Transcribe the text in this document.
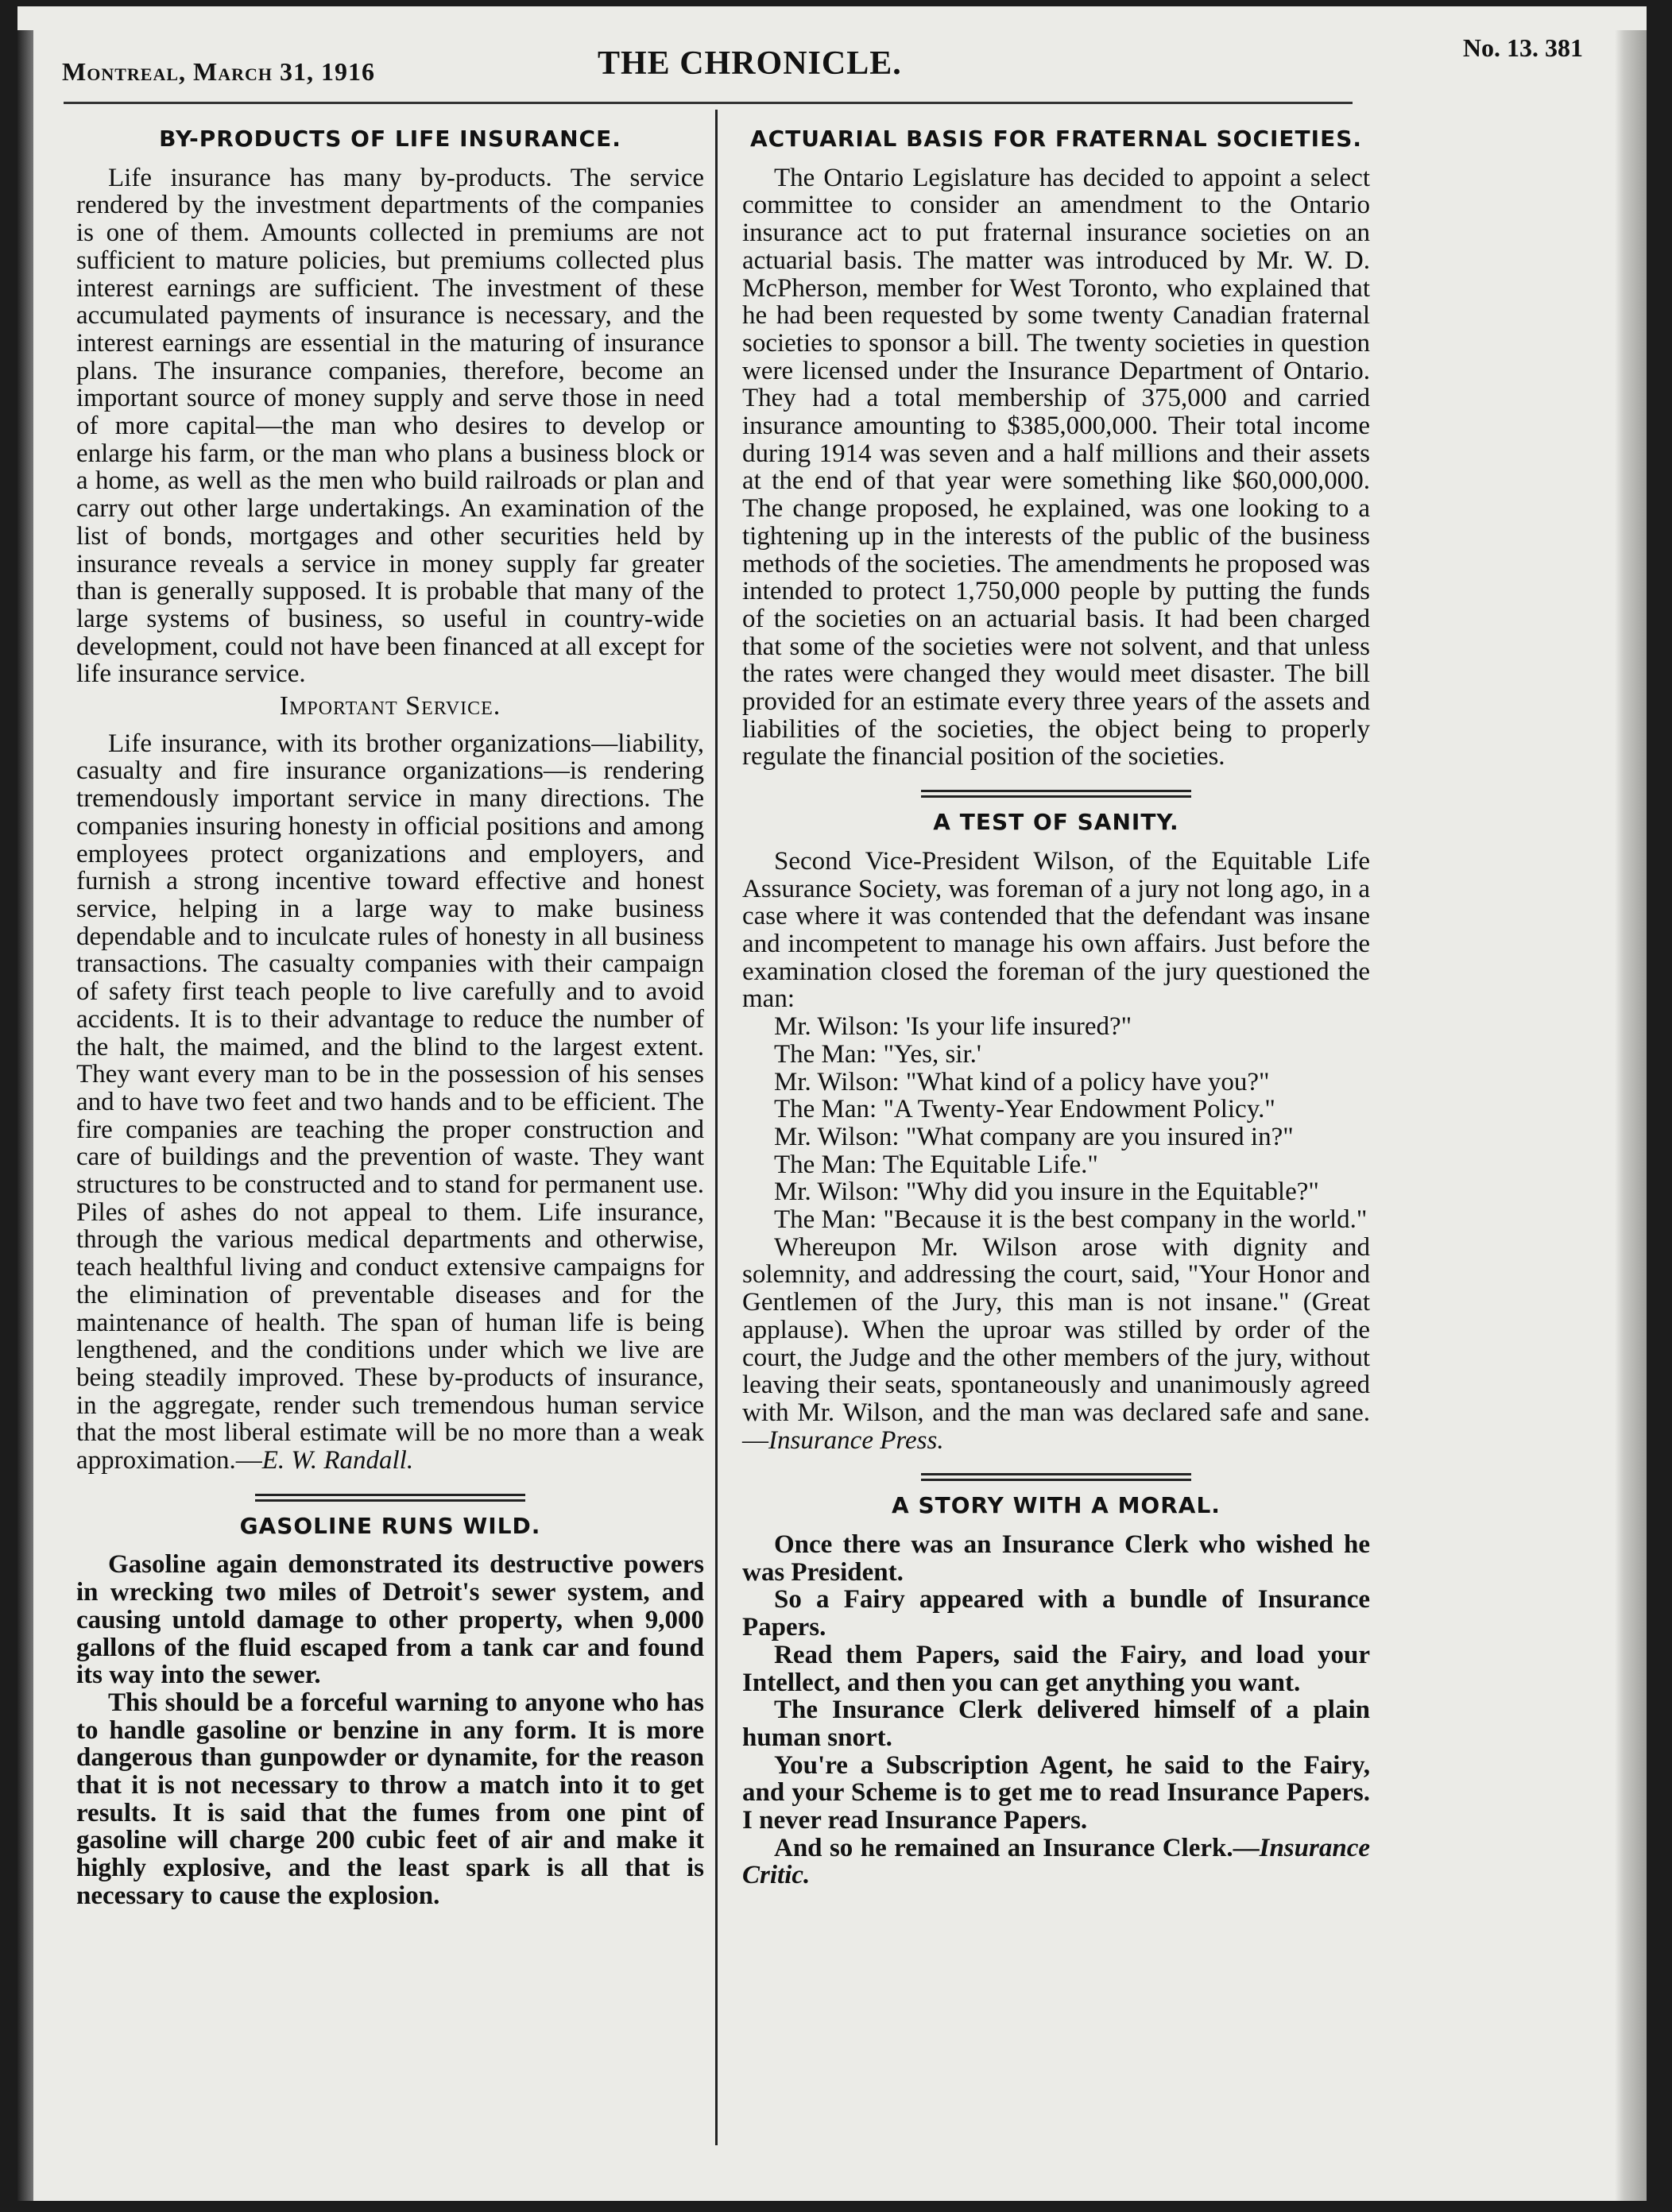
Montreal, March 31, 1916	THE CHRONICLE.	No. 13. 381
BY-PRODUCTS OF LIFE INSURANCE.

Life insurance has many by-products. The service rendered by the investment departments of the companies is one of them. Amounts collected in premiums are not sufficient to mature policies, but premiums collected plus interest earnings are sufficient. The investment of these accumulated payments of insurance is necessary, and the interest earnings are essential in the maturing of insurance plans. The insurance companies, therefore, become an important source of money supply and serve those in need of more capital—the man who desires to develop or enlarge his farm, or the man who plans a business block or a home, as well as the men who build railroads or plan and carry out other large undertakings. An examination of the list of bonds, mortgages and other securities held by insurance reveals a service in money supply far greater than is generally supposed. It is probable that many of the large systems of business, so useful in country-wide development, could not have been financed at all except for life insurance service.

Important Service.

Life insurance, with its brother organizations—liability, casualty and fire insurance organizations—is rendering tremendously important service in many directions. The companies insuring honesty in official positions and among employees protect organizations and employers, and furnish a strong incentive toward effective and honest service, helping in a large way to make business dependable and to inculcate rules of honesty in all business transactions. The casualty companies with their campaign of safety first teach people to live carefully and to avoid accidents. It is to their advantage to reduce the number of the halt, the maimed, and the blind to the largest extent. They want every man to be in the possession of his senses and to have two feet and two hands and to be efficient. The fire companies are teaching the proper construction and care of buildings and the prevention of waste. They want structures to be constructed and to stand for permanent use. Piles of ashes do not appeal to them. Life insurance, through the various medical departments and otherwise, teach healthful living and conduct extensive campaigns for the elimination of preventable diseases and for the maintenance of health. The span of human life is being lengthened, and the conditions under which we live are being steadily improved. These by-products of insurance, in the aggregate, render such tremendous human service that the most liberal estimate will be no more than a weak approximation.—E. W. Randall.

GASOLINE RUNS WILD.

Gasoline again demonstrated its destructive powers in wrecking two miles of Detroit's sewer system, and causing untold damage to other property, when 9,000 gallons of the fluid escaped from a tank car and found its way into the sewer.

This should be a forceful warning to anyone who has to handle gasoline or benzine in any form. It is more dangerous than gunpowder or dynamite, for the reason that it is not necessary to throw a match into it to get results. It is said that the fumes from one pint of gasoline will charge 200 cubic feet of air and make it highly explosive, and the least spark is all that is necessary to cause the explosion.

ACTUARIAL BASIS FOR FRATERNAL SOCIETIES.

The Ontario Legislature has decided to appoint a select committee to consider an amendment to the Ontario insurance act to put fraternal insurance societies on an actuarial basis. The matter was introduced by Mr. W. D. McPherson, member for West Toronto, who explained that he had been requested by some twenty Canadian fraternal societies to sponsor a bill. The twenty societies in question were licensed under the Insurance Department of Ontario. They had a total membership of 375,000 and carried insurance amounting to $385,000,000. Their total income during 1914 was seven and a half millions and their assets at the end of that year were something like $60,000,000. The change proposed, he explained, was one looking to a tightening up in the interests of the public of the business methods of the societies. The amendments he proposed was intended to protect 1,750,000 people by putting the funds of the societies on an actuarial basis. It had been charged that some of the societies were not solvent, and that unless the rates were changed they would meet disaster. The bill provided for an estimate every three years of the assets and liabilities of the societies, the object being to properly regulate the financial position of the societies.

A TEST OF SANITY.

Second Vice-President Wilson, of the Equitable Life Assurance Society, was foreman of a jury not long ago, in a case where it was contended that the defendant was insane and incompetent to manage his own affairs. Just before the examination closed the foreman of the jury questioned the man:

Mr. Wilson: 'Is your life insured?"

The Man: "Yes, sir.'

Mr. Wilson: "What kind of a policy have you?"

The Man: "A Twenty-Year Endowment Policy."

Mr. Wilson: "What company are you insured in?"

The Man: The Equitable Life."

Mr. Wilson: "Why did you insure in the Equitable?"

The Man: "Because it is the best company in the world."

Whereupon Mr. Wilson arose with dignity and solemnity, and addressing the court, said, "Your Honor and Gentlemen of the Jury, this man is not insane." (Great applause). When the uproar was stilled by order of the court, the Judge and the other members of the jury, without leaving their seats, spontaneously and unanimously agreed with Mr. Wilson, and the man was declared safe and sane.—Insurance Press.

A STORY WITH A MORAL.

Once there was an Insurance Clerk who wished he was President.

So a Fairy appeared with a bundle of Insurance Papers.

Read them Papers, said the Fairy, and load your Intellect, and then you can get anything you want.

The Insurance Clerk delivered himself of a plain human snort.

You're a Subscription Agent, he said to the Fairy, and your Scheme is to get me to read Insurance Papers. I never read Insurance Papers.

And so he remained an Insurance Clerk.—Insurance Critic.
